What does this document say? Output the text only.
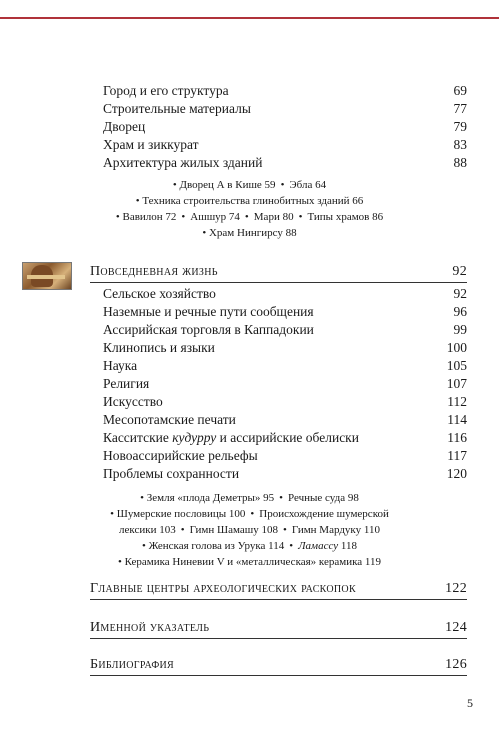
Город и его структура	69
Строительные материалы	77
Дворец	79
Храм и зиккурат	83
Архитектура жилых зданий	88
• Дворец А в Кише 59 • Эбла 64
• Техника строительства глинобитных зданий 66
• Вавилон 72 • Ашшур 74 • Мари 80 • Типы храмов 86
• Храм Нингирсу 88
Повседневная жизнь	92
Сельское хозяйство	92
Наземные и речные пути сообщения	96
Ассирийская торговля в Каппадокии	99
Клинопись и языки	100
Наука	105
Религия	107
Искусство	112
Месопотамские печати	114
Касситские кудурру и ассирийские обелиски	116
Новоассирийские рельефы	117
Проблемы сохранности	120
• Земля «плода Деметры» 95 • Речные суда 98
• Шумерские пословицы 100 • Происхождение шумерской
лексики 103 • Гимн Шамашу 108 • Гимн Мардуку 110
• Женская голова из Урука 114 • Ламассу 118
• Керамика Ниневии V и «металлическая» керамика 119
Главные центры археологических раскопок	122
Именной указатель	124
Библиография	126
5
